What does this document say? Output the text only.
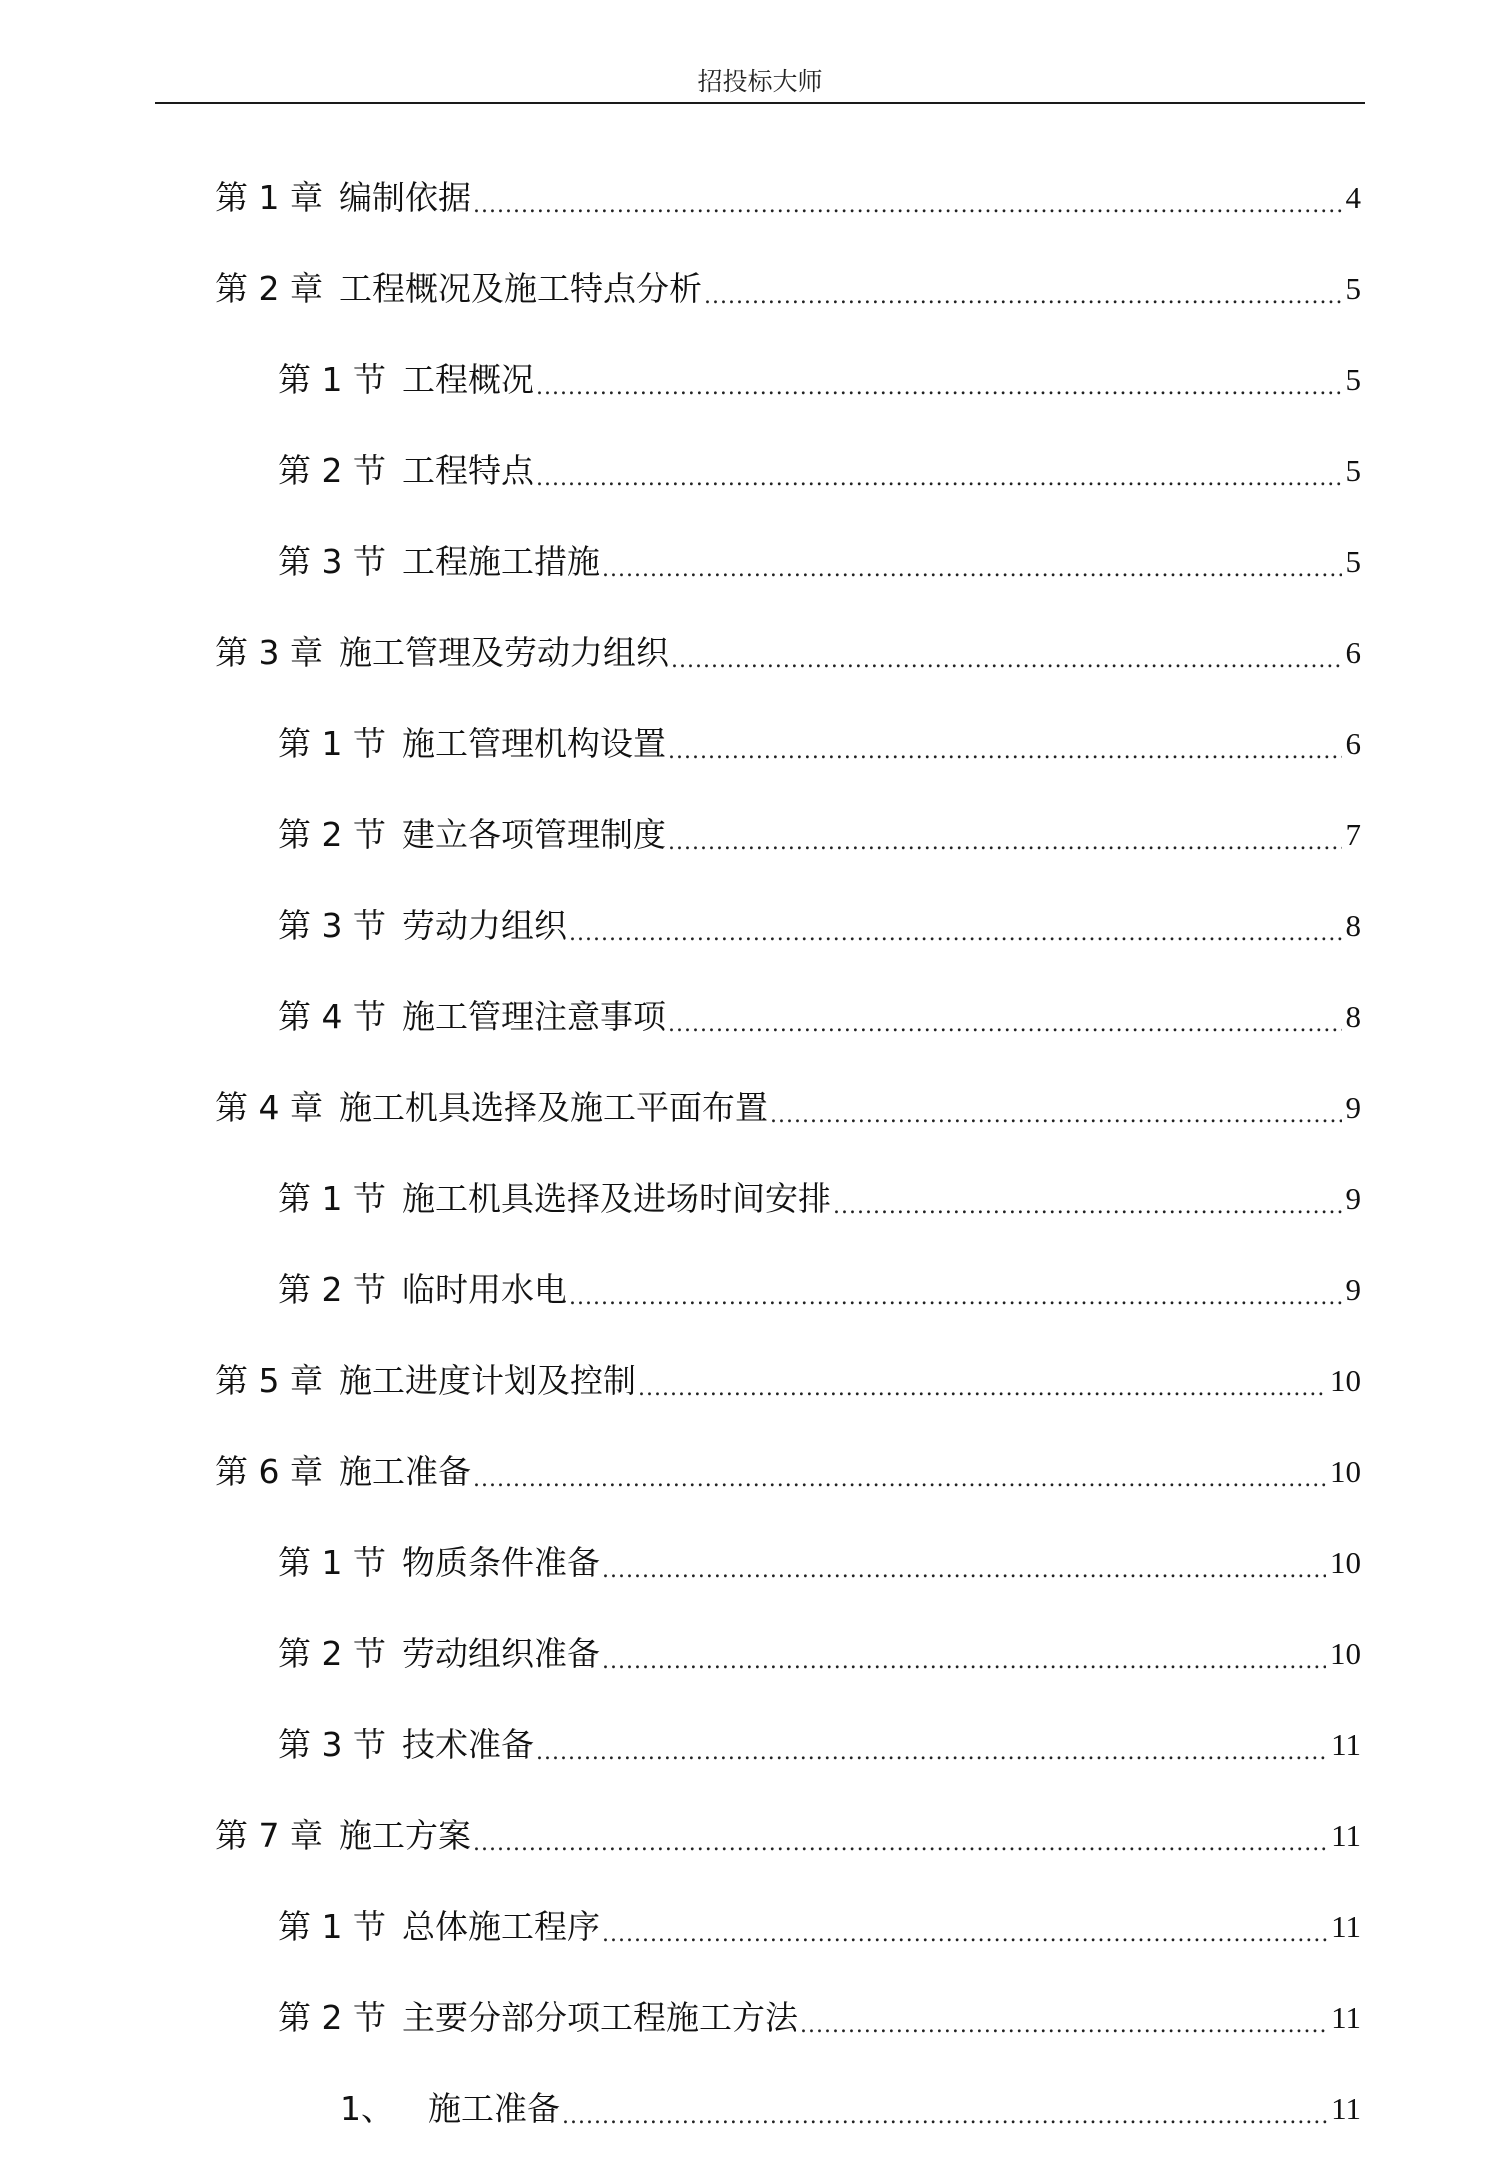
招投标大师
第 1 章 编制依据 .....	4
第 2 章 工程概况及施工特点分析 .....	5
第 1 节 工程概况 .....	5
第 2 节 工程特点 .....	5
第 3 节 工程施工措施 .....	5
第 3 章 施工管理及劳动力组织 .....	6
第 1 节 施工管理机构设置 .....	6
第 2 节 建立各项管理制度 .....	7
第 3 节 劳动力组织 .....	8
第 4 节 施工管理注意事项 .....	8
第 4 章 施工机具选择及施工平面布置 .....	9
第 1 节 施工机具选择及进场时间安排 .....	9
第 2 节 临时用水电 .....	9
第 5 章 施工进度计划及控制 .....	10
第 6 章 施工准备 .....	10
第 1 节 物质条件准备 .....	10
第 2 节 劳动组织准备 .....	10
第 3 节 技术准备 .....	11
第 7 章 施工方案 .....	11
第 1 节 总体施工程序 .....	11
第 2 节 主要分部分项工程施工方法 .....	11
1、 施工准备 .....	11
